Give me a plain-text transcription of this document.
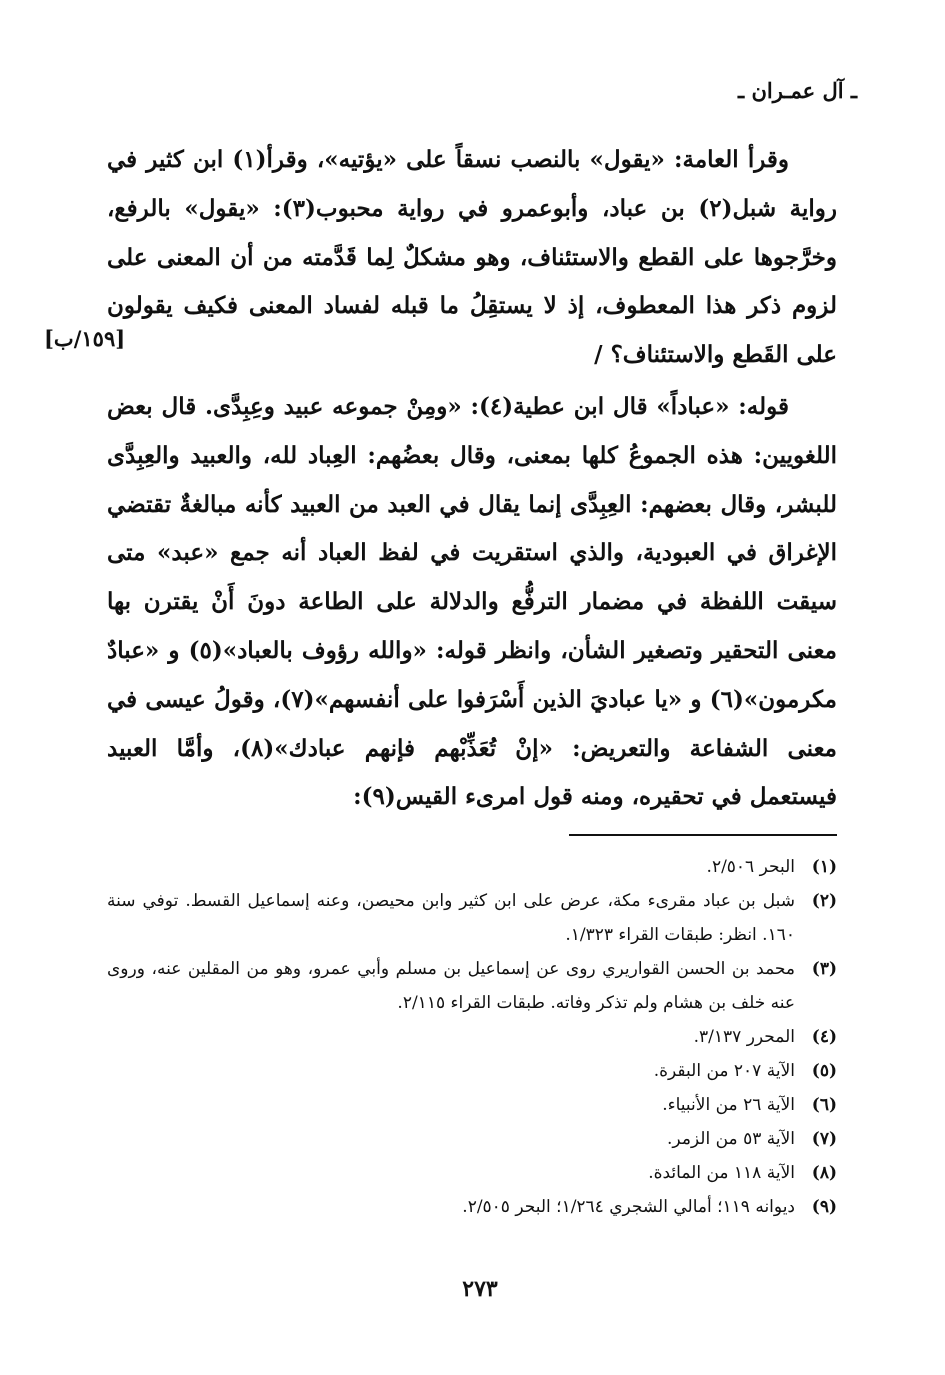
ـ آل عمـران ـ

وقرأ العامة: «يقول» بالنصب نسقاً على «يؤتيه»، وقرأ(١) ابن كثير في رواية شبل(٢) بن عباد، وأبوعمرو في رواية محبوب(٣): «يقول» بالرفع، وخرَّجوها على القطع والاستئناف، وهو مشكلٌ لِما قَدَّمته من أن المعنى على لزوم ذكر هذا المعطوف، إذ لا يستقِلُ ما قبله لفساد المعنى فكيف يقولون على القَطع والاستئناف؟ /

قوله: «عباداً» قال ابن عطية(٤): «ومِنْ جموعه عبيد وعِبِدَّى. قال بعض اللغويين: هذه الجموعُ كلها بمعنى، وقال بعضُهم: العِباد لله، والعبيد والعِبِدَّى للبشر، وقال بعضهم: العِبِدَّى إنما يقال في العبد من العبيد كأنه مبالغةٌ تقتضي الإغراق في العبودية، والذي استقريت في لفظ العباد أنه جمع «عبد» متى سيقت اللفظة في مضمار الترفُّع والدلالة على الطاعة دونَ أَنْ يقترن بها معنى التحقير وتصغير الشأن، وانظر قوله: «والله رؤوف بالعباد»(٥) و «عبادٌ مكرمون»(٦) و «يا عباديَ الذين أَسْرَفوا على أنفسهم»(٧)، وقولُ عيسى في معنى الشفاعة والتعريض: «إنْ تُعَذِّبْهم فإنهم عبادك»(٨)، وأمَّا العبيد فيستعمل في تحقيره، ومنه قول امرىء القيس(٩):

[١٥٩/ب]
(١)
البحر ٢/٥٠٦.
(٢)
شبل بن عباد مقرىء مكة، عرض على ابن كثير وابن محيصن، وعنه إسماعيل القسط. توفي سنة ١٦٠. انظر: طبقات القراء ١/٣٢٣.
(٣)
محمد بن الحسن القواريري روى عن إسماعيل بن مسلم وأبي عمرو، وهو من المقلين عنه، وروى عنه خلف بن هشام ولم تذكر وفاته. طبقات القراء ٢/١١٥.
(٤)
المحرر ٣/١٣٧.
(٥)
الآية ٢٠٧ من البقرة.
(٦)
الآية ٢٦ من الأنبياء.
(٧)
الآية ٥٣ من الزمر.
(٨)
الآية ١١٨ من المائدة.
(٩)
ديوانه ١١٩؛ أمالي الشجري ١/٢٦٤؛ البحر ٢/٥٠٥.
٢٧٣
